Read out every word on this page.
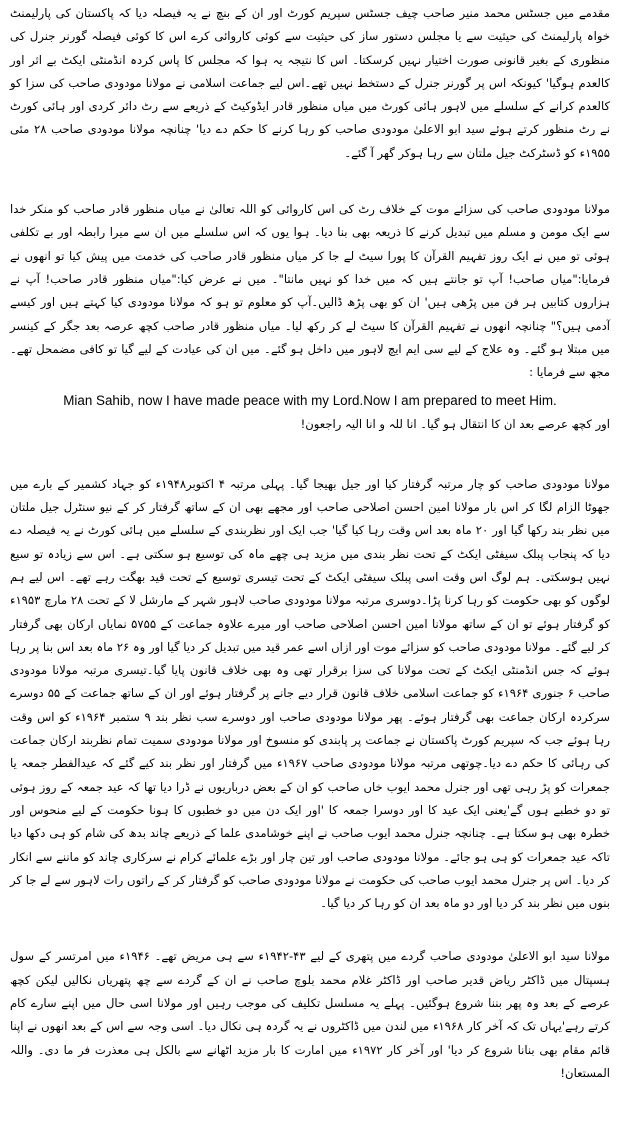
مقدمے میں جسٹس محمد منیر صاحب چیف جسٹس سپریم کورٹ اور ان کے بنچ نے یہ فیصلہ دیا کہ پاکستان کی پارلیمنٹ خواہ پارلیمنٹ کی حیثیت سے یا مجلس دستور ساز کی حیثیت سے کوئی کاروائی کرے اس کا کوئی فیصلہ گورنر جنرل کی منظوری کے بغیر قانونی صورت اختیار نہیں کرسکتا۔ اس کا نتیجہ یہ ہوا کہ مجلس کا پاس کردہ انڈمنٹی ایکٹ بے اثر اور کالعدم ہوگیا' کیونکہ اس پر گورنر جنرل کے دستخط نہیں تھے۔اس لیے جماعت اسلامی نے مولانا مودودی صاحب کی سزا کو کالعدم کرانے کے سلسلے میں لاہور ہائی کورٹ میں میاں منظور قادر ایڈوکیٹ کے ذریعے سے رٹ دائر کردی اور ہائی کورٹ نے رٹ منظور کرتے ہوئے سید ابو الاعلیٰ مودودی صاحب کو رہا کرنے کا حکم دے دیا' چنانچہ مولانا مودودی صاحب ۲۸ مئی ۱۹۵۵ء کو ڈسٹرکٹ جیل ملتان سے رہا ہوکر گھر آ گئے۔

مولانا مودودی صاحب کی سزائے موت کے خلاف رٹ کی اس کاروائی کو اللہ تعالیٰ نے میاں منظور قادر صاحب کو منکر خدا سے ایک مومن و مسلم میں تبدیل کرنے کا ذریعہ بھی بنا دیا۔ ہوا یوں کہ اس سلسلے میں ان سے میرا رابطہ اور بے تکلفی ہوئی تو میں نے ایک روز تفہیم القرآن کا پورا سیٹ لے جا کر میاں منظور قادر صاحب کی خدمت میں پیش کیا تو انھوں نے فرمایا:"میاں صاحب! آپ تو جانتے ہیں کہ میں خدا کو نہیں مانتا"۔ میں نے عرض کیا:"میاں منظور قادر صاحب! آپ نے ہزاروں کتابیں ہر فن میں پڑھی ہیں' ان کو بھی پڑھ ڈالیں۔آپ کو معلوم تو ہو کہ مولانا مودودی کیا کہتے ہیں اور کیسے آدمی ہیں؟" چنانچہ انھوں نے تفہیم القرآن کا سیٹ لے کر رکھ لیا۔ میاں منظور قادر صاحب کچھ عرصہ بعد جگر کے کینسر میں مبتلا ہو گئے۔ وہ علاج کے لیے سی ایم ایچ لاہور میں داخل ہو گئے۔ میں ان کی عیادت کے لیے گیا تو کافی مضمحل تھے۔ مجھ سے فرمایا :

Mian Sahib, now I have made peace with my Lord.Now I am prepared to meet Him.

اور کچھ عرصے بعد ان کا انتقال ہو گیا۔ انا للہ و انا الیہ راجعون!

مولانا مودودی صاحب کو چار مرتبہ گرفتار کیا اور جیل بھیجا گیا۔ پہلی مرتبہ ۴ اکتوبر۱۹۴۸ء کو جہاد کشمیر کے بارے میں جھوٹا الزام لگا کر اس بار مولانا امین احسن اصلاحی صاحب اور مجھے بھی ان کے ساتھ گرفتار کر کے نیو سنٹرل جیل ملتان میں نظر بند رکھا گیا اور ۲۰ ماہ بعد اس وقت رہا کیا گیا' جب ایک اور نظربندی کے سلسلے میں ہائی کورٹ نے یہ فیصلہ دے دیا کہ پنجاب پبلک سیفٹی ایکٹ کے تحت نظر بندی میں مزید ہی چھے ماہ کی توسیع ہو سکتی ہے۔ اس سے زیادہ تو سیع نہیں ہوسکتی۔ ہم لوگ اس وقت اسی پبلک سیفٹی ایکٹ کے تحت تیسری توسیع کے تحت قید بھگت رہے تھے۔ اس لیے ہم لوگوں کو بھی حکومت کو رہا کرنا پڑا۔دوسری مرتبہ مولانا مودودی صاحب لاہور شہر کے مارشل لا کے تحت ۲۸ مارچ ۱۹۵۳ء کو گرفتار ہوئے تو ان کے ساتھ مولانا امین احسن اصلاحی صاحب اور میرے علاوہ جماعت کے ۵۷۵۵ نمایاں ارکان بھی گرفتار کر لیے گئے۔ مولانا مودودی صاحب کو سزائے موت اور ازاں اسے عمر قید میں تبدیل کر دیا گیا اور وہ ۲۶ ماہ بعد اس بنا پر رہا ہوئے کہ جس انڈمنٹی ایکٹ کے تحت مولانا کی سزا برقرار تھی وہ بھی خلاف قانون پایا گیا۔تیسری مرتبہ مولانا مودودی صاحب ۶ جنوری ۱۹۶۴ء کو جماعت اسلامی خلاف قانون قرار دیے جانے پر گرفتار ہوئے اور ان کے ساتھ جماعت کے ۵۵ دوسرے سرکردہ ارکان جماعت بھی گرفتار ہوئے۔ پھر مولانا مودودی صاحب اور دوسرے سب نظر بند ۹ ستمبر ۱۹۶۴ء کو اس وقت رہا ہوئے جب کہ سپریم کورٹ پاکستان نے جماعت پر پابندی کو منسوخ اور مولانا مودودی سمیت تمام نظربند ارکان جماعت کی رہائی کا حکم دے دیا۔چوتھی مرتبہ مولانا مودودی صاحب ۱۹۶۷ء میں گرفتار اور نظر بند کیے گئے کہ عیدالفطر جمعہ یا جمعرات کو پڑ رہی تھی اور جنرل محمد ایوب خاں صاحب کو ان کے بعض درباریوں نے ڈرا دیا تھا کہ عید جمعہ کے روز ہوئی تو دو خطبے ہوں گے'یعنی ایک عید کا اور دوسرا جمعہ کا 'اور ایک دن میں دو خطبوں کا ہونا حکومت کے لیے منحوس اور خطرہ بھی ہو سکتا ہے۔ چنانچہ جنرل محمد ایوب صاحب نے اپنے خوشامدی علما کے ذریعے چاند بدھ کی شام کو ہی دکھا دیا تاکہ عید جمعرات کو ہی ہو جائے۔ مولانا مودودی صاحب اور تین چار اور بڑے علمائے کرام نے سرکاری چاند کو ماننے سے انکار کر دیا۔ اس پر جنرل محمد ایوب صاحب کی حکومت نے مولانا مودودی صاحب کو گرفتار کر کے راتوں رات لاہور سے لے جا کر بنوں میں نظر بند کر دیا اور دو ماہ بعد ان کو رہا کر دیا گیا۔

مولانا سید ابو الاعلیٰ مودودی صاحب گردے میں پتھری کے لیے ۴۳-۱۹۴۲ء سے ہی مریض تھے۔ ۱۹۴۶ء میں امرتسر کے سول ہسپتال میں ڈاکٹر ریاض قدیر صاحب اور ڈاکٹر غلام محمد بلوچ صاحب نے ان کے گردے سے چھ پتھریاں نکالیں لیکن کچھ عرصے کے بعد وہ پھر بننا شروع ہوگئیں۔ پہلے یہ مسلسل تکلیف کی موجب رہیں اور مولانا اسی حال میں اپنے سارے کام کرتے رہے'یہاں تک کہ آخر کار ۱۹۶۸ء میں لندن میں ڈاکٹروں نے یہ گردہ ہی نکال دیا۔ اسی وجہ سے اس کے بعد انھوں نے اپنا قائم مقام بھی بنانا شروع کر دیا' اور آخر کار ۱۹۷۲ء میں امارت کا بار مزید اٹھانے سے بالکل ہی معذرت فر ما دی۔ واللہ المستعان!
